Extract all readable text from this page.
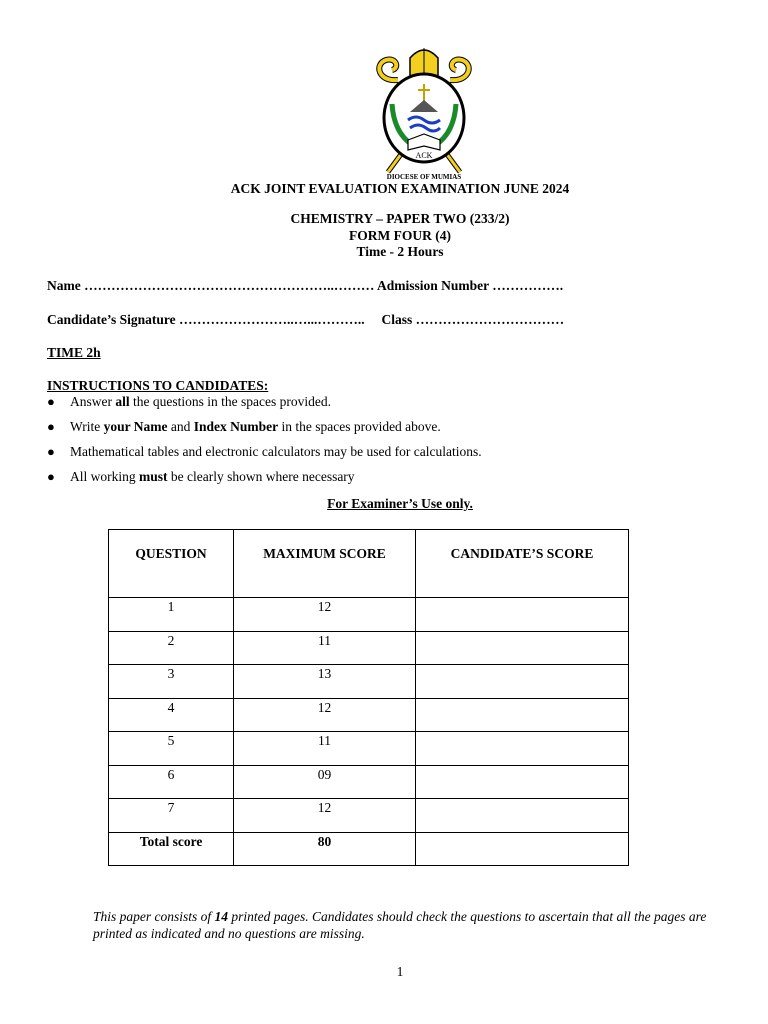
ACK
DIOCESE OF MUMIAS
ACK JOINT EVALUATION EXAMINATION JUNE 2024
CHEMISTRY – PAPER TWO (233/2)
FORM FOUR (4)
Time - 2 Hours
Name ………………………………………………..……… Admission Number …………….
Candidate’s Signature ……………………..…...……….. Class ……………………………
TIME 2h
INSTRUCTIONS TO CANDIDATES:
● Answer all the questions in the spaces provided.
● Write your Name and Index Number in the spaces provided above.
● Mathematical tables and electronic calculators may be used for calculations.
● All working must be clearly shown where necessary
For Examiner’s Use only.
QUESTION	MAXIMUM SCORE	CANDIDATE’S SCORE
1	12	
2	11	
3	13	
4	12	
5	11	
6	09	
7	12	
Total score	80	
This paper consists of 14 printed pages. Candidates should check the questions to ascertain that all the pages are printed as indicated and no questions are missing.
1
